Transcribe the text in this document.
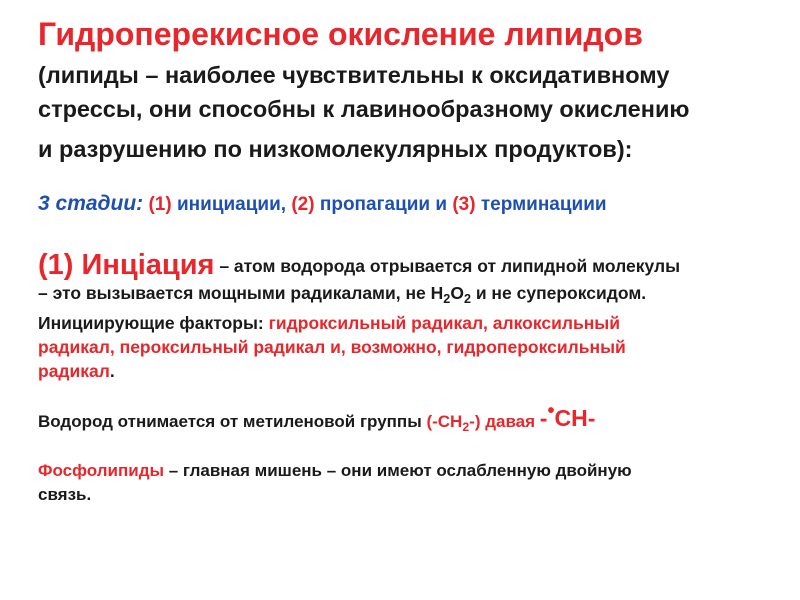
Гидроперекисное окисление липидов

(липиды – наиболее чувствительны к оксидативному
стрессы, они способны к лавинообразному окислению
и разрушению по низкомолекулярных продуктов):

3 стадии: (1) инициации, (2) пропагации и (3) терминациии

(1) Инцiация – атом водорода отрывается от липидной молекулы
– это вызывается мощными радикалами, не $H_2O_2$ и не супероксидом.
Инициирующие факторы: гидроксильный радикал, алкоксильный
радикал, пероксильный радикал и, возможно, гидропероксильный
радикал.

Водород отнимается от метиленовой группы $(-CH_2-)$ давая -•CH-

Фосфолипиды – главная мишень – они имеют ослабленную двойную
связь.
